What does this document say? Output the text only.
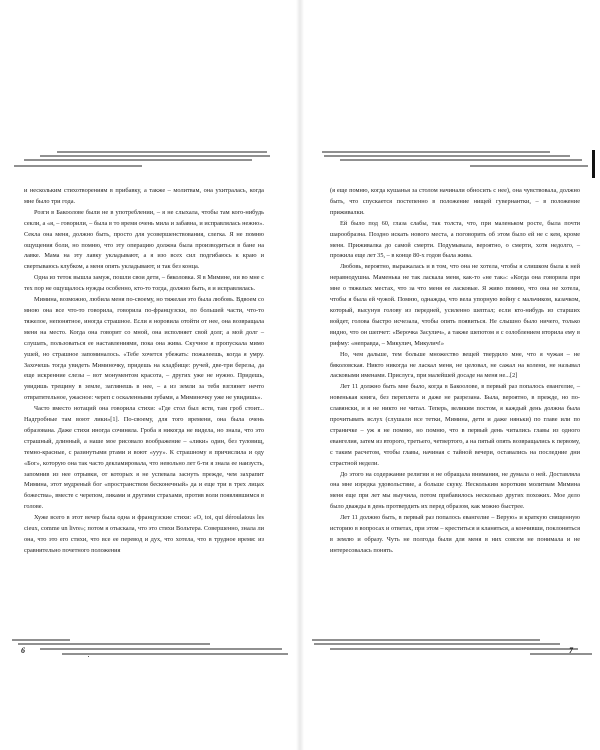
и нескольким стихотворениям в прибавку, а также – молитвам, она ухитралась, когда мне было три года.

Розги в Бакоолове были не в употреблении, – я не слыхала, чтобы там кого-нибудь секли, а «я, – говорили, – была в то время очень мила и забавна, и исправлялась нежно». Секла она меня, должно быть, просто для усовершенствования, слегка. Я не помню ощущения боли, но помню, что эту операцию должна была производиться в бане на лавке. Мама на эту лавку укладывают, а я изо всех сил подгибаюсь к краю и свертываюсь клубком, а меня опять укладывают, и так без конца.

Одна из теток вышла замуж, пошли свои дети, – бяколовка. Я в Мимине, ни во мне с тех пор не ощущалось нужды особенно, кто-то тогда, должно быть, я и исправлялась.

Мимина, возможно, любила меня по-своему, но тяжелая это была любовь. Вдвоем со мною она все что-то говорила, говорила по-французски, по большей части, что-то тяжелое, непонятное, иногда страшное. Если я норовила отойти от нее, она возвращала меня на место. Когда она говорит со мной, она исполняет свой долг, а мой долг – слушать, пользоваться ее наставлениями, пока она жива. Скучное я пропускала мимо ушей, но страшное запоминалось. «Тебе хочется убежать: пожалеешь, когда я умру. Захочешь тогда увидеть Миминочку, придешь на кладбище: ручей, две-три березы, да еще искренние слезы – вот монументом красота, – других уже не нужно. Придешь, увидишь трещину в земле, заглянешь в нее, – а из земли за тебя взглянет нечто отвратительное, ужасное: череп с оскаленными зубами, а Миминочку уже не увидишь».

Часто вместо нотаций она говорила стихи: «Где стол был яств, там гроб стоит... Надгробные там воют лики»[1]. По-своему, для того времени, она была очень образована. Даже стихи иногда сочиняла. Гроба я никогда не видела, но знала, что это страшный, длинный, а наше мое рисовало воображение – «лики» один, без туловищ, темно-красные, с разинутыми ртами и воют «ууу». К страшному я причислила и оду «Бог», которую она так часто декламировала, что невольно лет 6-ти я знала ее наизусть, запомнив из нее отрывки, от которых я не успевала заснуть прежде, чем захрапит Мимина, этот мудреный бог «пространством бесконечный» да и еще три в трех лицах божества», вместе с черепом, ликами и другими страхами, против воли появлявшимся в голове.

Хуже всего в этот вечер была одна и французские стихи: «O, toi, qui déroulatous les cieux, comme un livre»; потом я отыскала, что это стихи Вольтера. Совершенно, знала ли она, что это его стихи, что все ее перевод и дух, что хотела, что в трудное время: из сравнительно почетного положения

6

(я еще помню, когда кушанья за столом начинали обносить с нее), она чувствовала, должно быть, что спускается постепенно в положение нищей гувернантки, – в положение приживалки.

Ей было под 60, глаза слабы, так толста, что, при маленьком росте, была почти шарообразна. Поздно искать нового места, а поговорить об этом было ей не с кем, кроме меня. Приживалка до самой смерти. Подумывала, вероятно, о смерти, хотя недолго, – прожила еще лет 35, – в конце 80-х годов была жива.

Любовь, вероятно, выражалась и в том, что она не хотела, чтобы я слишком была к ней неравнодушна. Маменька не так ласкала меня, как-то «не так»: «Когда она говорила при мне о тяжелых местах, что за что меня ее ласковые. Я живо помню, что она не хотела, чтобы я была ей чужой. Помню, однажды, что вела упорную войну с мальчиком, казачком, который, высунув голову из передней, усиленно шептал; если кто-нибудь из старших войдет, голова быстро исчезала, чтобы опять появиться. Не слышно было ничего, только видно, что он шепчет: «Верочка Засулич», а также шепотом я с озлоблением вторила ему в рифму: «неправда, – Микулич, Микулич!»

Но, чем дальше, тем больше множество вещей твердило мне, что я чужая – не бяколовская. Никто никогда не ласкал меня, не целовал, не сажал на колени, не называл ласковыми именами. Прислуга, при малейшей досаде на меня не...[2]

Лет 11 должно быть мне было, когда в Бакоолове, в первый раз попалось евангелие, – новенькая книга, без переплета и даже не разрезана. Была, вероятно, в прежде, но по-славянски, и я не никто не читал. Теперь, великим постом, я каждый день должна была прочитывать вслух (слушали все тетки, Мимина, дети и даже няньки) по главе или по страничке – уж я не помню, но помню, что в первый день читались главы из одного евангелия, затем из второго, третьего, четвертого, а на пятый опять возвращались к первому, с таким расчетом, чтобы главы, начиная с тайной вечери, оставались на последние дни страстной недели.

До этого на содержание религии я не обращала внимания, не думала о ней. Доставляла она мне изредка удовольствие, а больше скуку. Нескольким коротким молитвам Мимина меня еще при лет мы выучила, потом прибавилось несколько других похожих. Мое дело было дважды в день протвердить их перед образом, как можно быстрее.

Лет 11 должно быть, в первый раз попалось евангелие – Верую» и краткую священную историю в вопросах и ответах, при этом – креститься и кланяться, а кончивши, поклониться в землю и образу. Чуть не полгода были для меня в них совсем не понимала и не интересовалась понять.

7
